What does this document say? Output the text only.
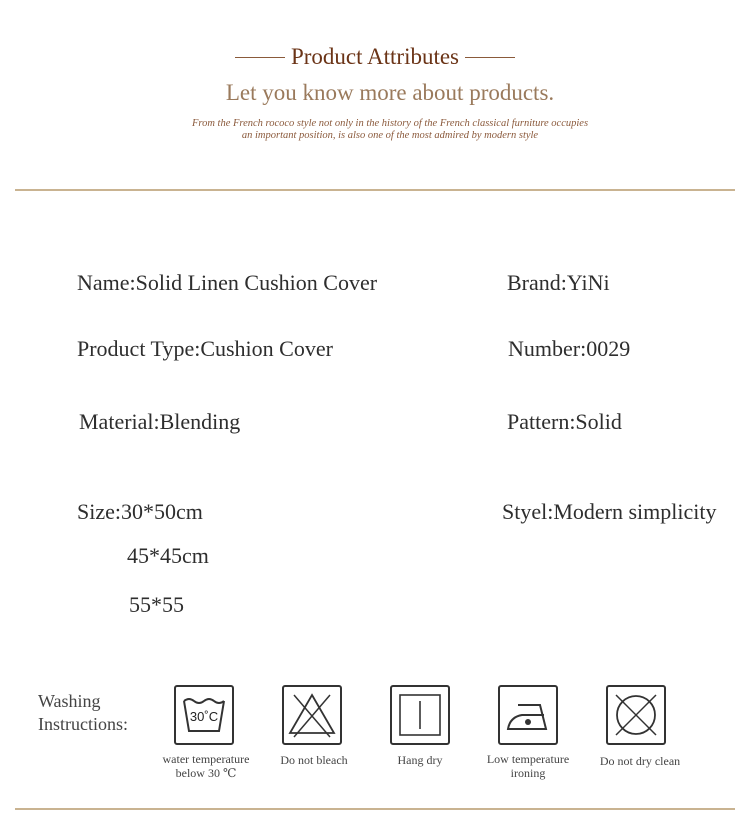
Product Attributes
Let you know more about products.
From the French rococo style not only in the history of the French classical furniture occupies an important position, is also one of the most admired by modern style
Name:Solid Linen Cushion Cover	Brand:YiNi
Product Type:Cushion Cover	Number:0029
Material:Blending	Pattern:Solid
Size:30*50cm	Styel:Modern simplicity
45*45cm
55*55
Washing
Instructions:	30˚C
water temperature
below 30 ℃
Do not bleach	Hang dry	Low temperature
ironing
Do not dry clean
